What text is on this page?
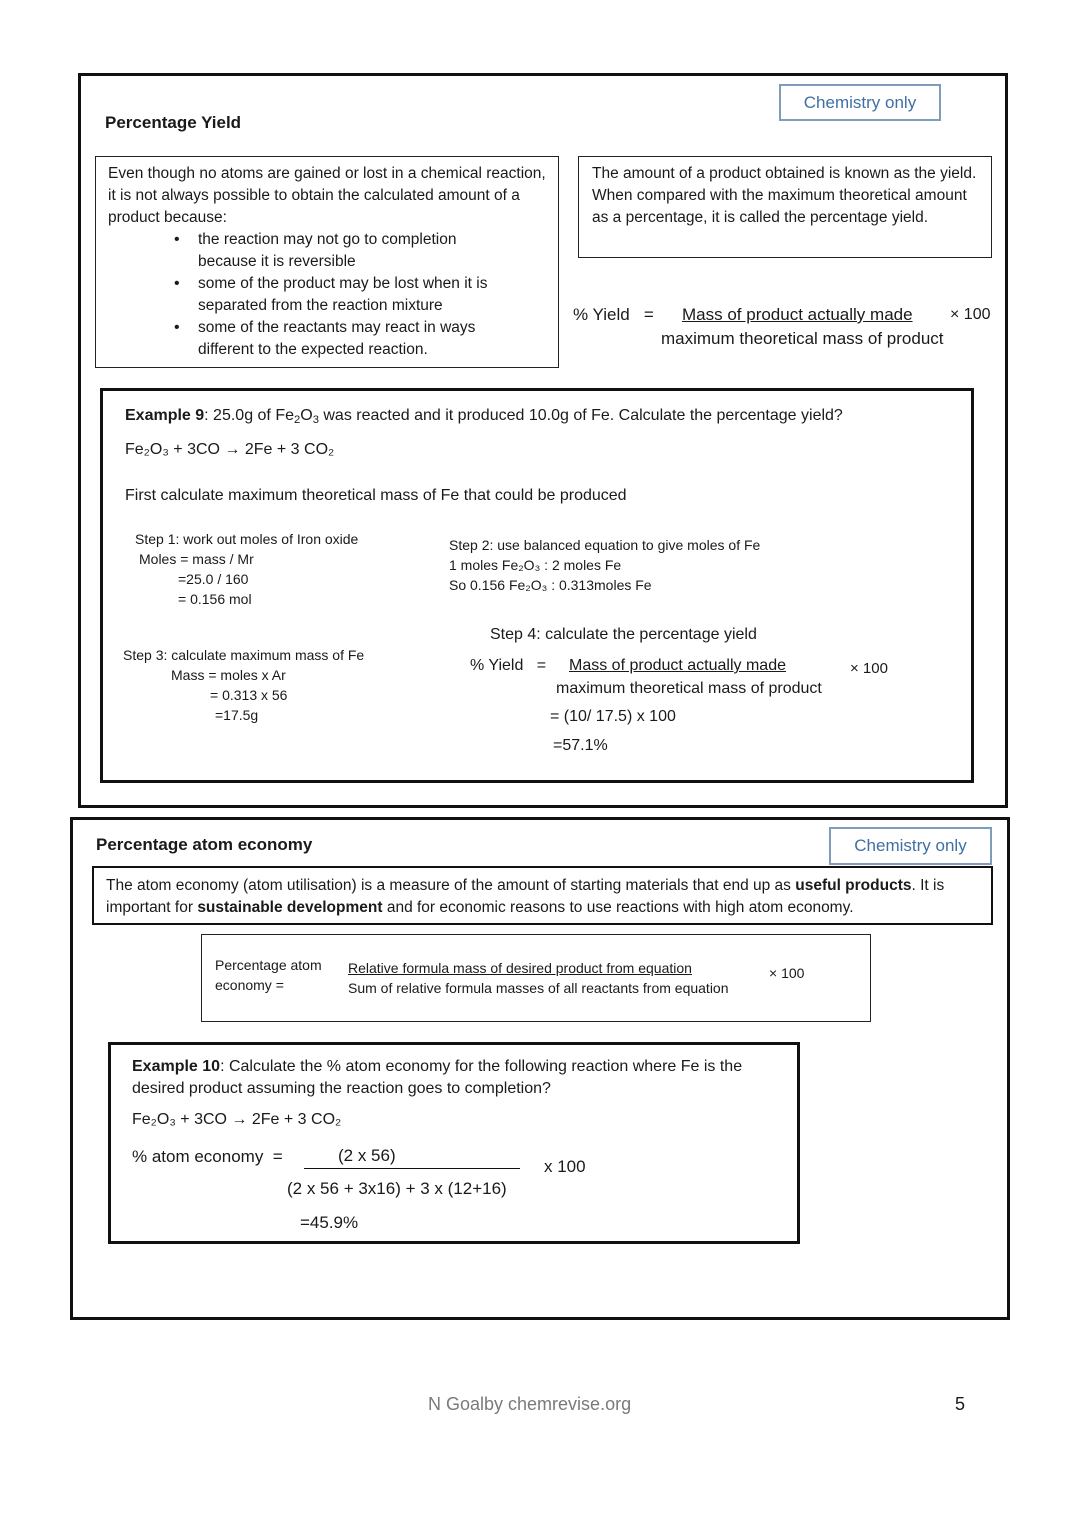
Percentage Yield
Chemistry only
Even though no atoms are gained or lost in a chemical reaction, it is not always possible to obtain the calculated amount of a product because:
• the reaction may not go to completion because it is reversible
• some of the product may be lost when it is separated from the reaction mixture
• some of the reactants may react in ways different to the expected reaction.
The amount of a product obtained is known as the yield. When compared with the maximum theoretical amount as a percentage, it is called the percentage yield.
% Yield   = Mass of product actually made × 100
maximum theoretical mass of product
Example 9: 25.0g of $Fe_2O_3$ was reacted and it produced 10.0g of Fe. Calculate the percentage yield?
Fe₂O₃ + 3CO → 2Fe + 3 CO₂
First calculate maximum theoretical mass of Fe that could be produced
Step 1: work out moles of Iron oxide
Moles = mass / Mr
=25.0 / 160
= 0.156 mol
Step 2: use balanced equation to give moles of Fe
1 moles Fe₂O₃ : 2 moles Fe
So 0.156 Fe₂O₃ : 0.313moles Fe
Step 3: calculate maximum mass of Fe
Mass = moles x Ar
= 0.313 x 56
=17.5g
Step 4: calculate the percentage yield
% Yield   = Mass of product actually made	× 100
maximum theoretical mass of product
= (10/ 17.5) x 100
=57.1%
Percentage atom economy	Chemistry only
The atom economy (atom utilisation) is a measure of the amount of starting materials that end up as useful products. It is important for sustainable development and for economic reasons to use reactions with high atom economy.
Percentage atom
economy =
Relative formula mass of desired product from equation
Sum of relative formula masses of all reactants from equation
× 100
Example 10: Calculate the % atom economy for the following reaction where Fe is the desired product assuming the reaction goes to completion?
Fe₂O₃ + 3CO → 2Fe + 3 CO₂
% atom economy  =	(2 x 56)
x 100
(2 x 56 + 3x16) + 3 x (12+16)
=45.9%
N Goalby chemrevise.org	5
